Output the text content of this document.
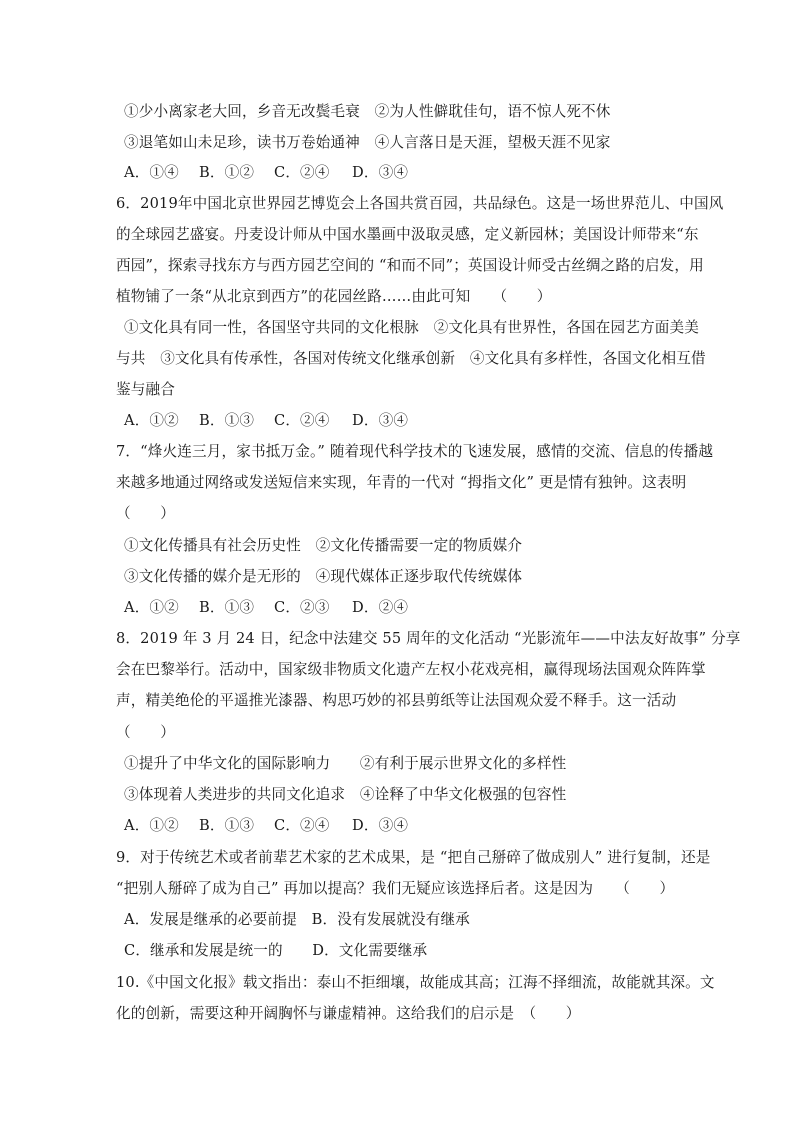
①少小离家老大回，乡音无改鬓毛衰　②为人性僻耽佳句，语不惊人死不休
③退笔如山未足珍，读书万卷始通神　④人言落日是天涯，望极天涯不见家
A．①④ B．①② C．②④ D．③④
6．2019年中国北京世界园艺博览会上各国共赏百园，共品绿色。这是一场世界范儿、中国风
的全球园艺盛宴。丹麦设计师从中国水墨画中汲取灵感，定义新园林；美国设计师带来“东
西园”，探索寻找东方与西方园艺空间的 “和而不同”；英国设计师受古丝绸之路的启发，用
植物铺了一条“从北京到西方”的花园丝路……由此可知　　（　　）
①文化具有同一性，各国坚守共同的文化根脉　②文化具有世界性，各国在园艺方面美美
与共　③文化具有传承性，各国对传统文化继承创新　④文化具有多样性，各国文化相互借
鉴与融合
A．①② B．①③ C．②④ D．③④
7．“烽火连三月，家书抵万金。” 随着现代科学技术的飞速发展，感情的交流、信息的传播越
来越多地通过网络或发送短信来实现，年青的一代对 “拇指文化” 更是情有独钟。这表明
（　　）
①文化传播具有社会历史性　②文化传播需要一定的物质媒介
③文化传播的媒介是无形的　④现代媒体正逐步取代传统媒体
A．①② B．①③ C．②③ D．②④
8．2019 年 3 月 24 日，纪念中法建交 55 周年的文化活动 “光影流年——中法友好故事” 分享
会在巴黎举行。活动中，国家级非物质文化遗产左权小花戏亮相，赢得现场法国观众阵阵掌
声，精美绝伦的平遥推光漆器、构思巧妙的祁县剪纸等让法国观众爱不释手。这一活动
（　　）
①提升了中华文化的国际影响力　　②有利于展示世界文化的多样性
③体现着人类进步的共同文化追求　④诠释了中华文化极强的包容性
A．①② B．①③ C．②④ D．③④
9．对于传统艺术或者前辈艺术家的艺术成果，是 “把自己掰碎了做成别人” 进行复制，还是
“把别人掰碎了成为自己” 再加以提高？我们无疑应该选择后者。这是因为　　（　　）
A．发展是继承的必要前提　B．没有发展就没有继承
C．继承和发展是统一的　　D．文化需要继承
10.《中国文化报》载文指出：泰山不拒细壤，故能成其高；江海不择细流，故能就其深。文
化的创新，需要这种开阔胸怀与谦虚精神。这给我们的启示是　（　　）
